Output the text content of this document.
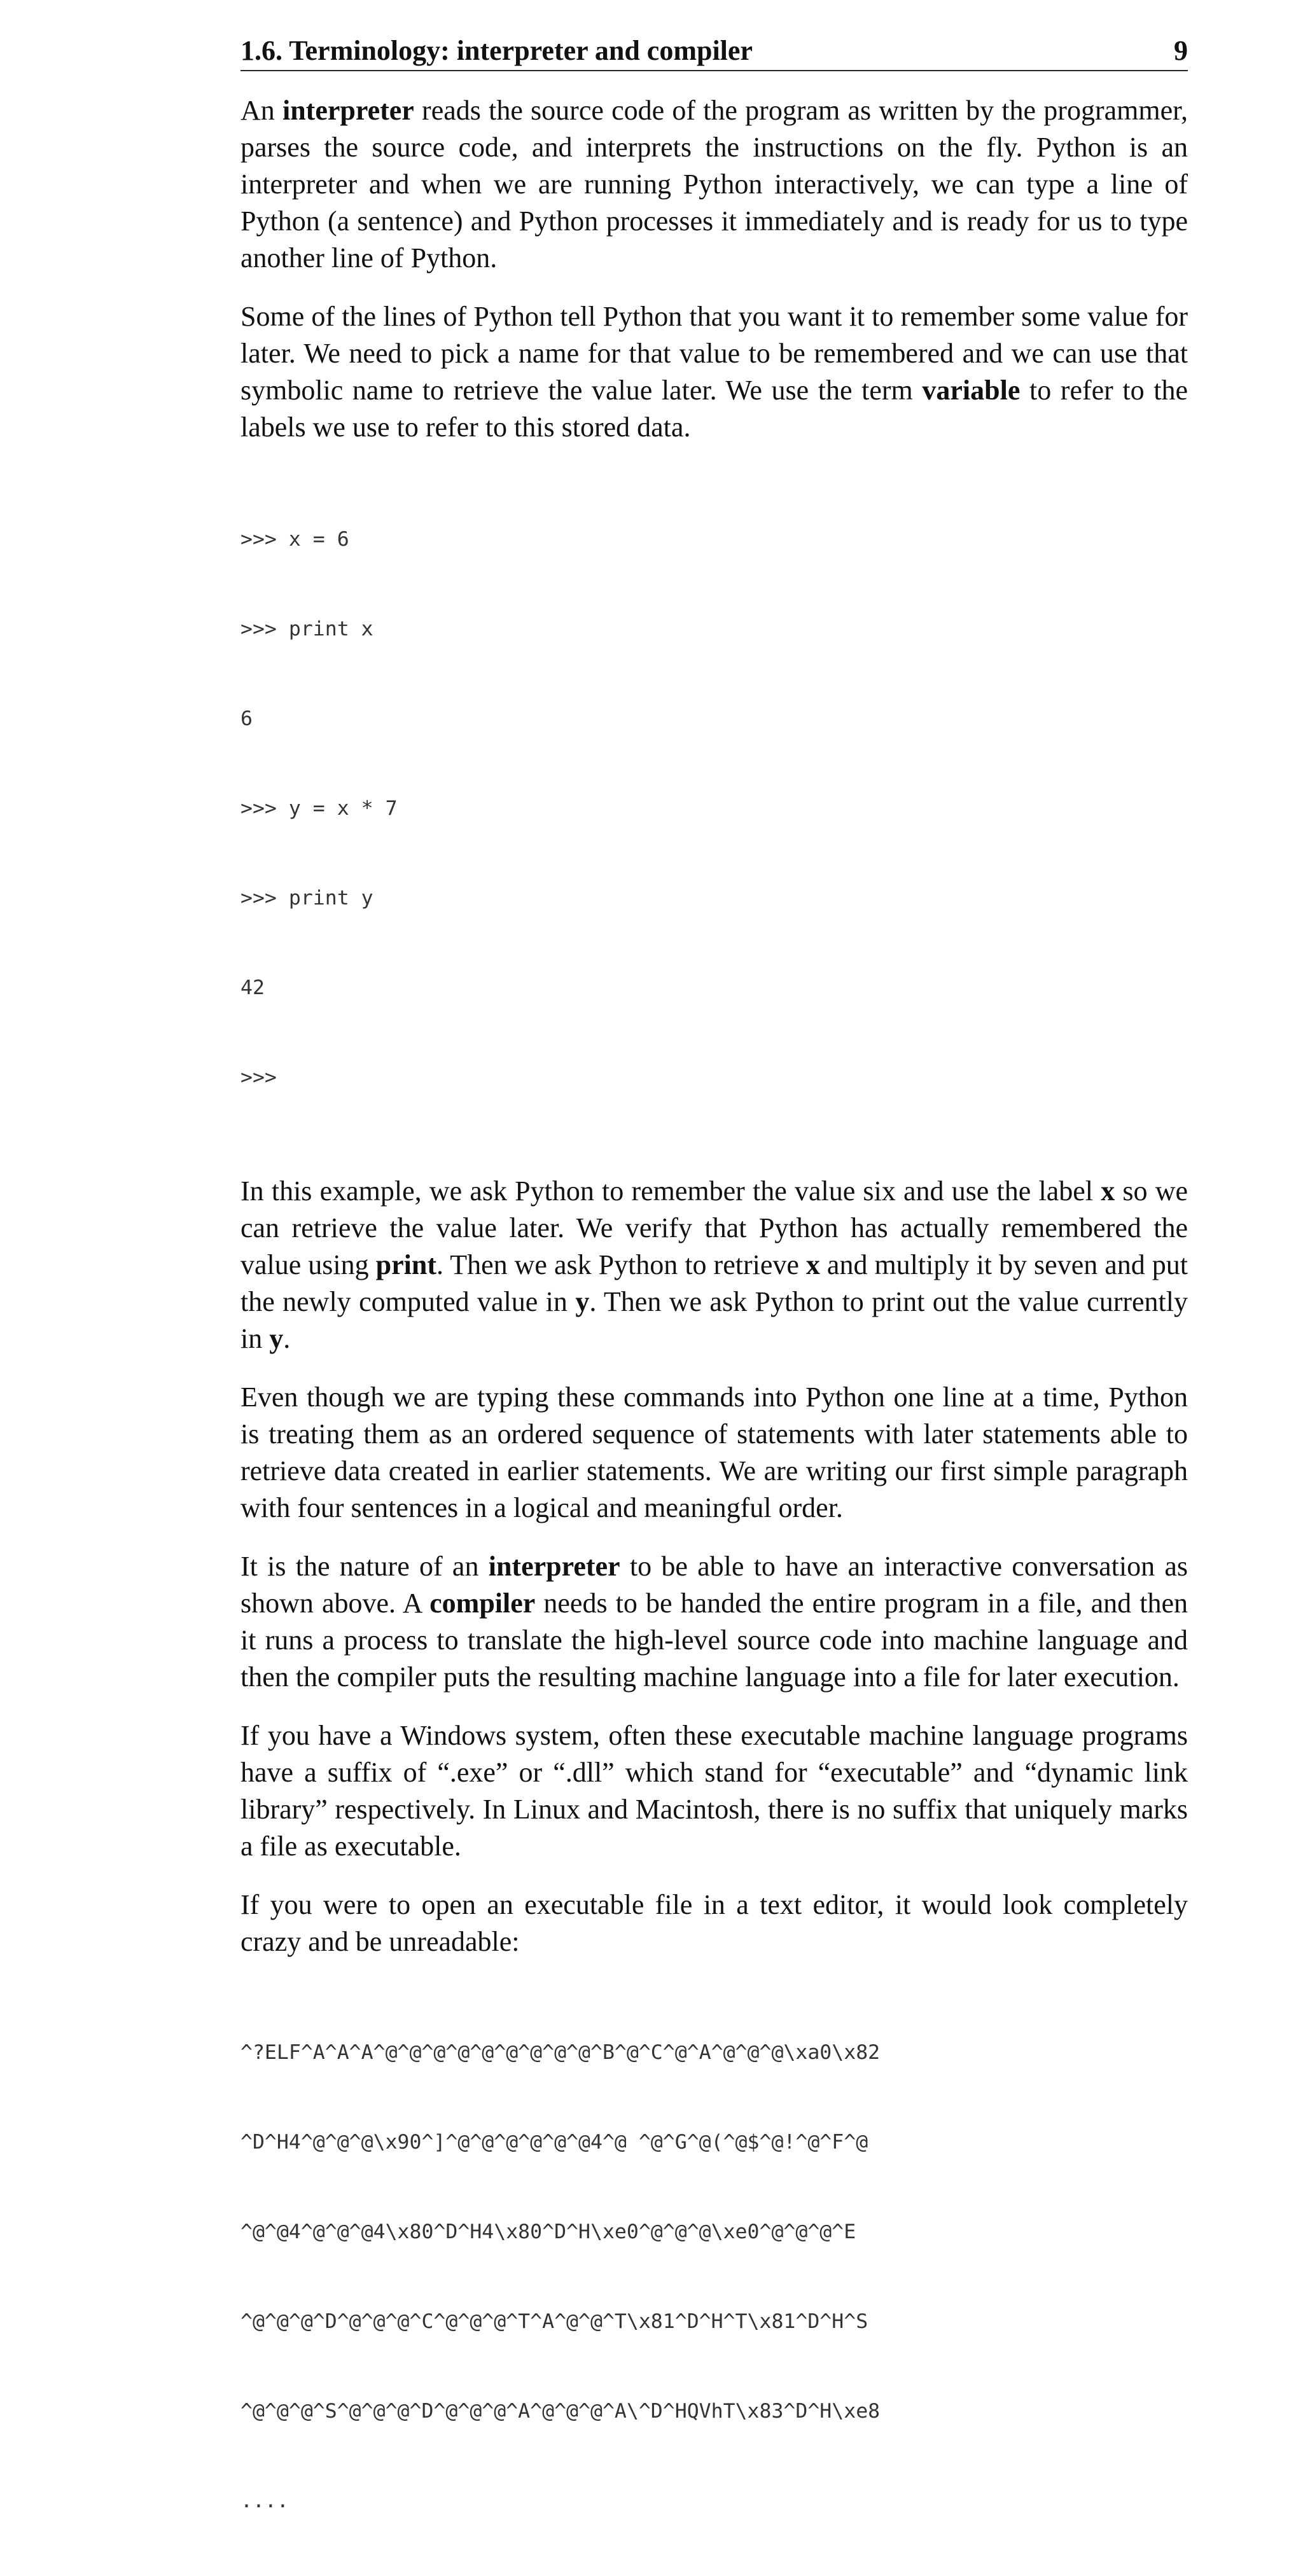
1.6. Terminology: interpreter and compiler	9

An interpreter reads the source code of the program as written by the programmer, parses the source code, and interprets the instructions on the fly. Python is an interpreter and when we are running Python interactively, we can type a line of Python (a sentence) and Python processes it immediately and is ready for us to type another line of Python.

Some of the lines of Python tell Python that you want it to remember some value for later. We need to pick a name for that value to be remembered and we can use that symbolic name to retrieve the value later. We use the term variable to refer to the labels we use to refer to this stored data.

>>> x = 6

>>> print x

6

>>> y = x * 7

>>> print y

42

>>>

In this example, we ask Python to remember the value six and use the label x so we can retrieve the value later. We verify that Python has actually remembered the value using print. Then we ask Python to retrieve x and multiply it by seven and put the newly computed value in y. Then we ask Python to print out the value currently in y.

Even though we are typing these commands into Python one line at a time, Python is treating them as an ordered sequence of statements with later statements able to retrieve data created in earlier statements. We are writing our first simple paragraph with four sentences in a logical and meaningful order.

It is the nature of an interpreter to be able to have an interactive conversation as shown above. A compiler needs to be handed the entire program in a file, and then it runs a process to translate the high-level source code into machine language and then the compiler puts the resulting machine language into a file for later execution.

If you have a Windows system, often these executable machine language programs have a suffix of “.exe” or “.dll” which stand for “executable” and “dynamic link library” respectively. In Linux and Macintosh, there is no suffix that uniquely marks a file as executable.

If you were to open an executable file in a text editor, it would look completely crazy and be unreadable:

^?ELF^A^A^A^@^@^@^@^@^@^@^@^@^B^@^C^@^A^@^@^@\xa0\x82

^D^H4^@^@^@\x90^]^@^@^@^@^@^@4^@ ^@^G^@(^@$^@!^@^F^@

^@^@4^@^@^@4\x80^D^H4\x80^D^H\xe0^@^@^@\xe0^@^@^@^E

^@^@^@^D^@^@^@^C^@^@^@^T^A^@^@^T\x81^D^H^T\x81^D^H^S

^@^@^@^S^@^@^@^D^@^@^@^A^@^@^@^A\^D^HQVhT\x83^D^H\xe8

....
